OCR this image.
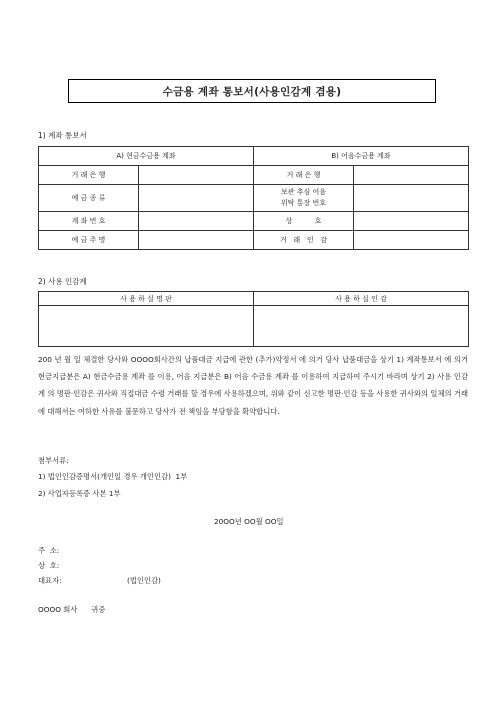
수금용 계좌 통보서(사용인감계 겸용)
1) 계좌 통보서
A) 현금수금용 계좌		B) 어음수금용 계좌	
거 래 은 행		거 래 은 행	
예 금 종 류		보관 추심 어음
위탁 통장 번호	

계 좌 번 호		상          호	
예 금 주 명		거   래   인   감	
2) 사용 인감계
사 용 하 실 명 판	사 용 하 실 인 감

200 년 월 일 체결한 당사와 OOOO회사간의 납품대금 지급에 관한 (추가)약정서 에 의거 당사 납품대금을 상기 1) 계좌통보서 에 의거 현금지급분은 A) 현금수금용 계좌 를 이용, 어음 지급분은 B) 어음 수금용 계좌 를 이용하여 지급하여 주시기 바라며 상기 2) 사용 인감계 의 명판·인감은 귀사와 직접대금 수령 거래를 할 경우에 사용하겠으며, 위와 같이 신고한 명판·인감 등을 사용한 귀사와의 일체의 거래에 대해서는 여하한 사유를 불문하고 당사가 전 책임을 부담함을 확약합니다.
첨부서류:
1) 법인인감증명서(개인일 경우 개인인감)  1부
2) 사업자등록증 사본 1부
20OO년 OO월 OO일
주  소:
상  호:
대표자:	(법인인감)
OOOO 회사      귀중
